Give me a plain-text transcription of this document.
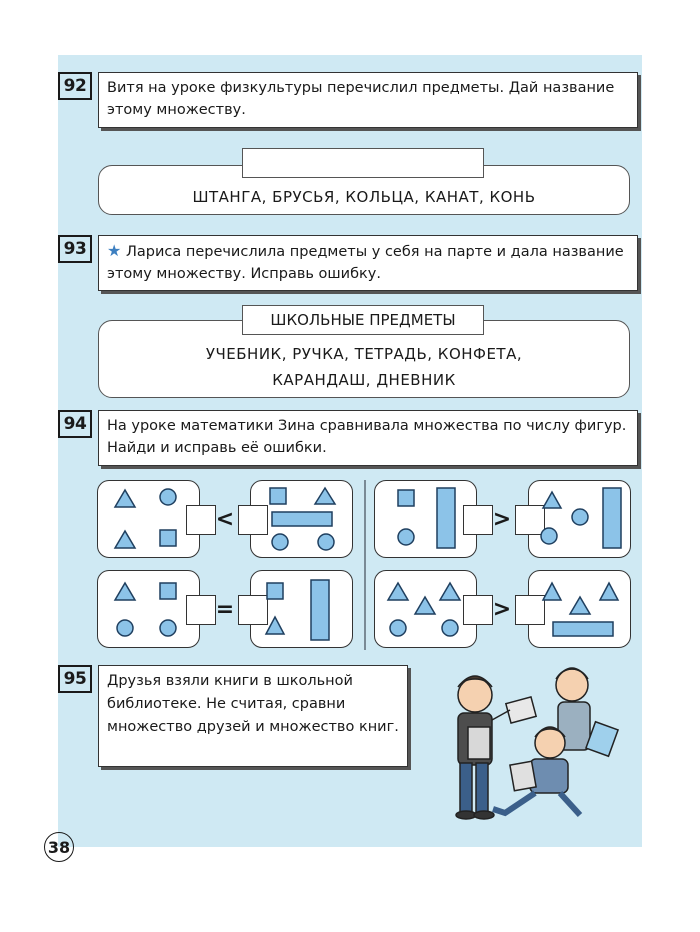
92	Витя на уроке физкультуры перечислил предметы. Дай название этому множеству.
ШТАНГА, БРУСЬЯ, КОЛЬЦА, КАНАТ, КОНЬ
93	★ Лариса перечислила предметы у себя на парте и дала название этому множеству. Исправь ошибку.
УЧЕБНИК, РУЧКА, ТЕТРАДЬ, КОНФЕТА,
КАРАНДАШ, ДНЕВНИК
ШКОЛЬНЫЕ ПРЕДМЕТЫ
94	На уроке математики Зина сравнивала множества по числу фигур. Найди и исправь её ошибки.
<	>
=	>
95	Друзья взяли книги в школьной библиотеке. Не считая, сравни множество друзей и множество книг.
38
